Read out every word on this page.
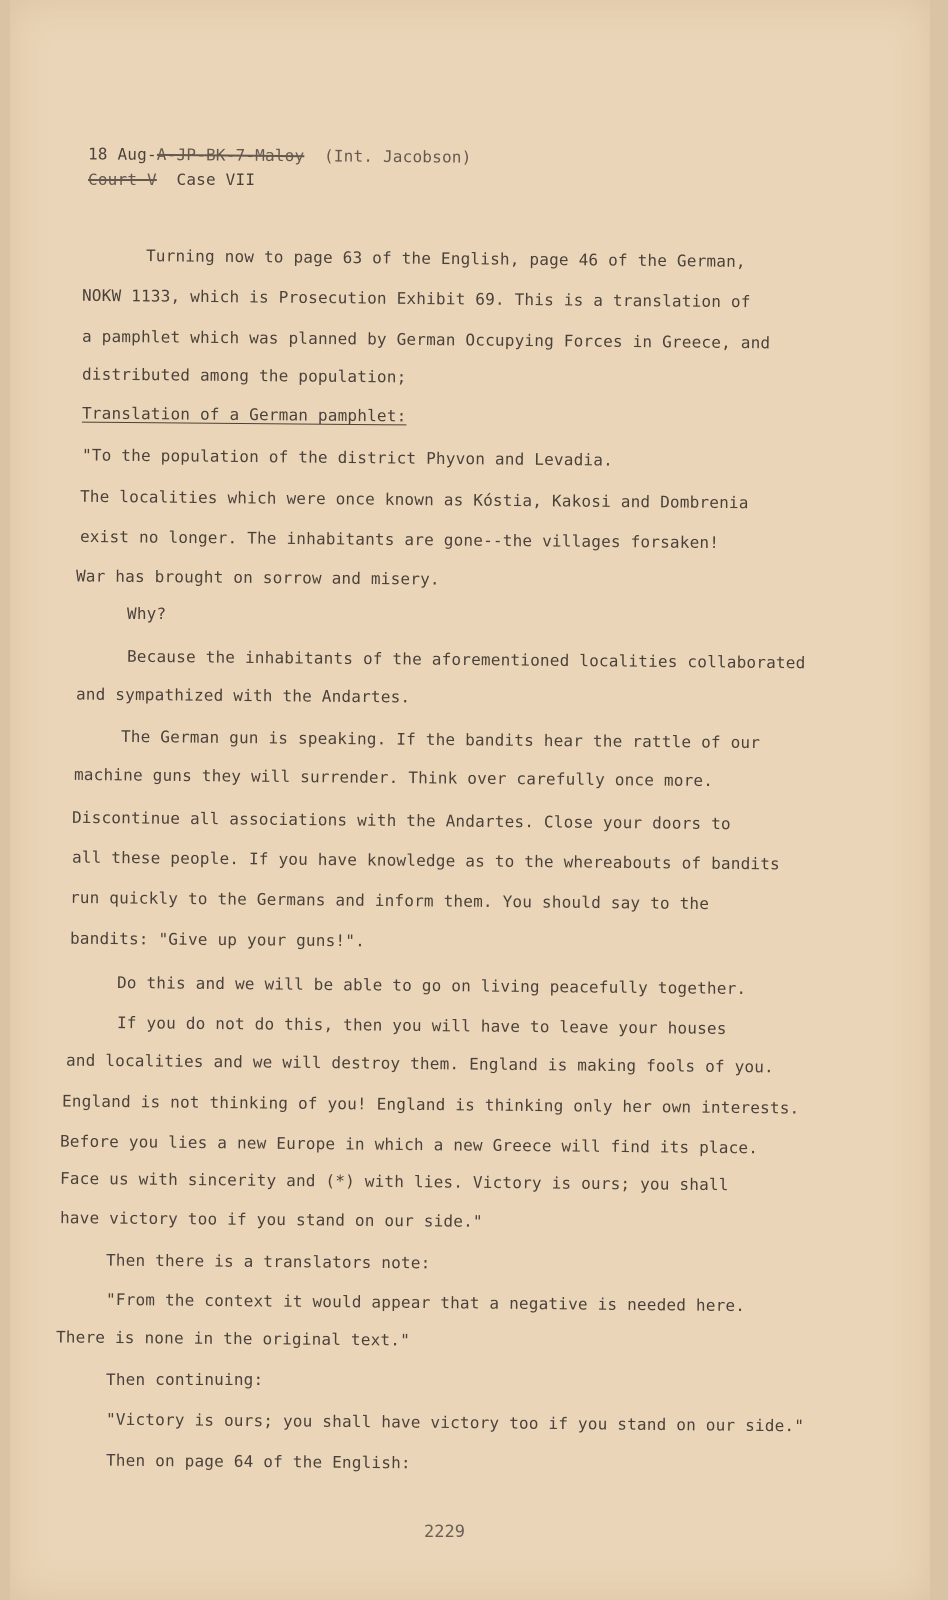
18 Aug-A-JP-BK-7-Maloy (Int. Jacobson)
Court V Case VII
Turning now to page 63 of the English, page 46 of the German,
NOKW 1133, which is Prosecution Exhibit 69. This is a translation of
a pamphlet which was planned by German Occupying Forces in Greece, and
distributed among the population;
Translation of a German pamphlet:
"To the population of the district Phyvon and Levadia.
The localities which were once known as Kóstia, Kakosi and Dombrenia
exist no longer. The inhabitants are gone--the villages forsaken!
War has brought on sorrow and misery.
Why?
Because the inhabitants of the aforementioned localities collaborated
and sympathized with the Andartes.
The German gun is speaking. If the bandits hear the rattle of our
machine guns they will surrender. Think over carefully once more.
Discontinue all associations with the Andartes. Close your doors to
all these people. If you have knowledge as to the whereabouts of bandits
run quickly to the Germans and inform them. You should say to the
bandits: "Give up your guns!".
Do this and we will be able to go on living peacefully together.
If you do not do this, then you will have to leave your houses
and localities and we will destroy them. England is making fools of you.
England is not thinking of you! England is thinking only her own interests.
Before you lies a new Europe in which a new Greece will find its place.
Face us with sincerity and (*) with lies. Victory is ours; you shall
have victory too if you stand on our side."
Then there is a translators note:
"From the context it would appear that a negative is needed here.
There is none in the original text."
Then continuing:
"Victory is ours; you shall have victory too if you stand on our side."
Then on page 64 of the English:
2229
